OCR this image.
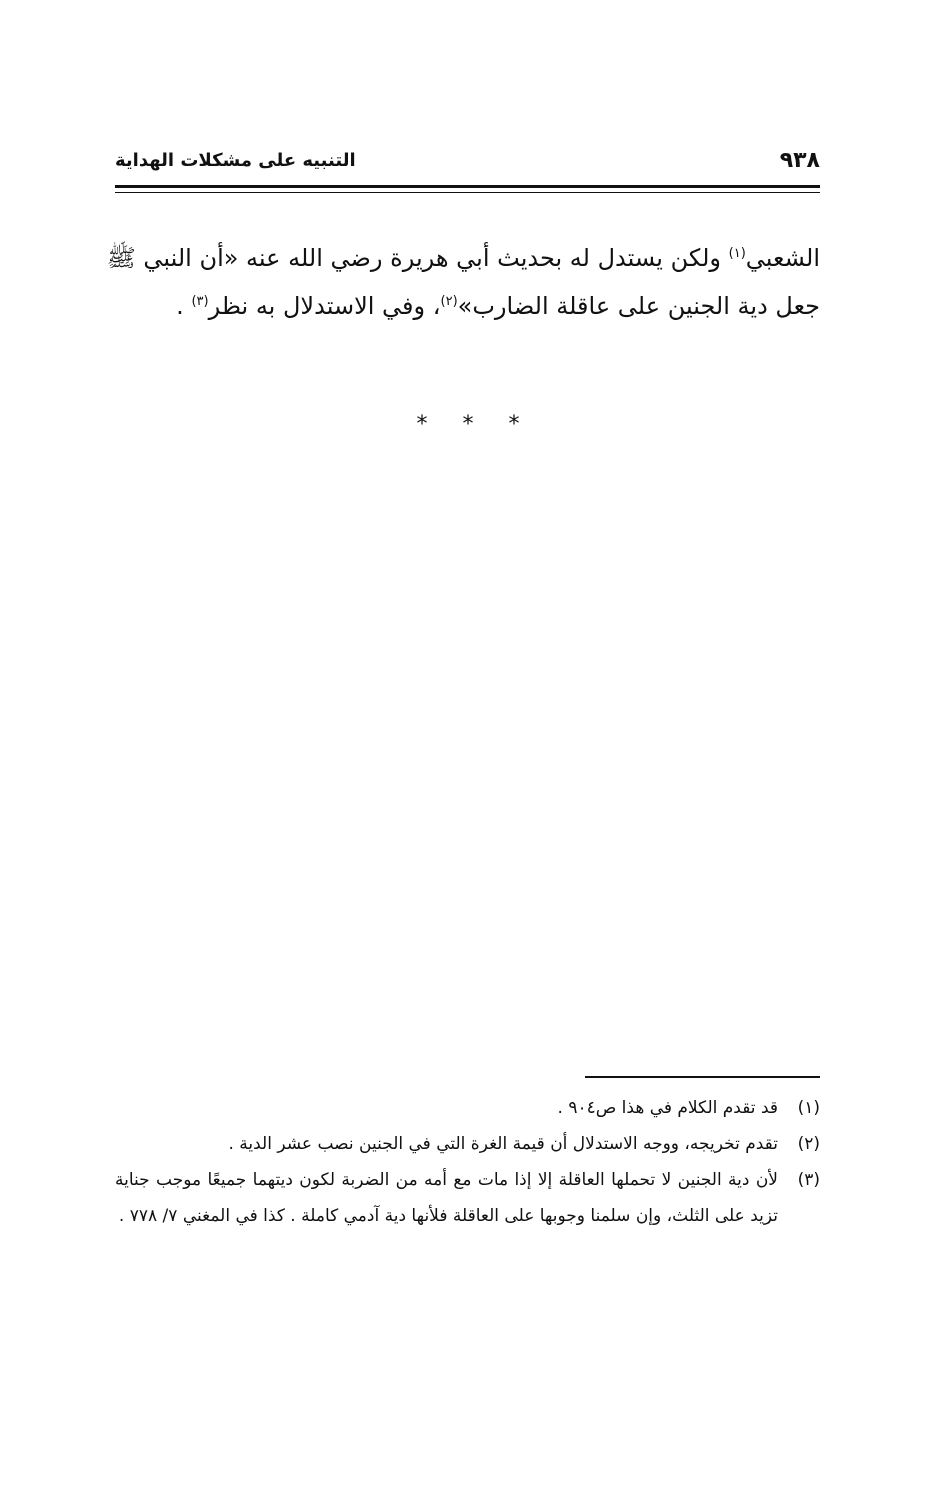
٩٣٨
التنبيه على مشكلات الهداية
الشعبي$^{(١)}$ ولكن يستدل له بحديث أبي هريرة رضي الله عنه «أن النبي ﷺ
جعل دية الجنين على عاقلة الضارب»$^{(٢)}$، وفي الاستدلال به نظر$^{(٣)}$ .
* * *
(١)
قد تقدم الكلام في هذا ص٩٠٤ .
(٢)
تقدم تخريجه، ووجه الاستدلال أن قيمة الغرة التي في الجنين نصب عشر الدية .
(٣)
لأن دية الجنين لا تحملها العاقلة إلا إذا مات مع أمه من الضربة لكون ديتهما جميعًا موجب جناية تزيد على الثلث، وإن سلمنا وجوبها على العاقلة فلأنها دية آدمي كاملة . كذا في المغني ٧/ ٧٧٨ .
